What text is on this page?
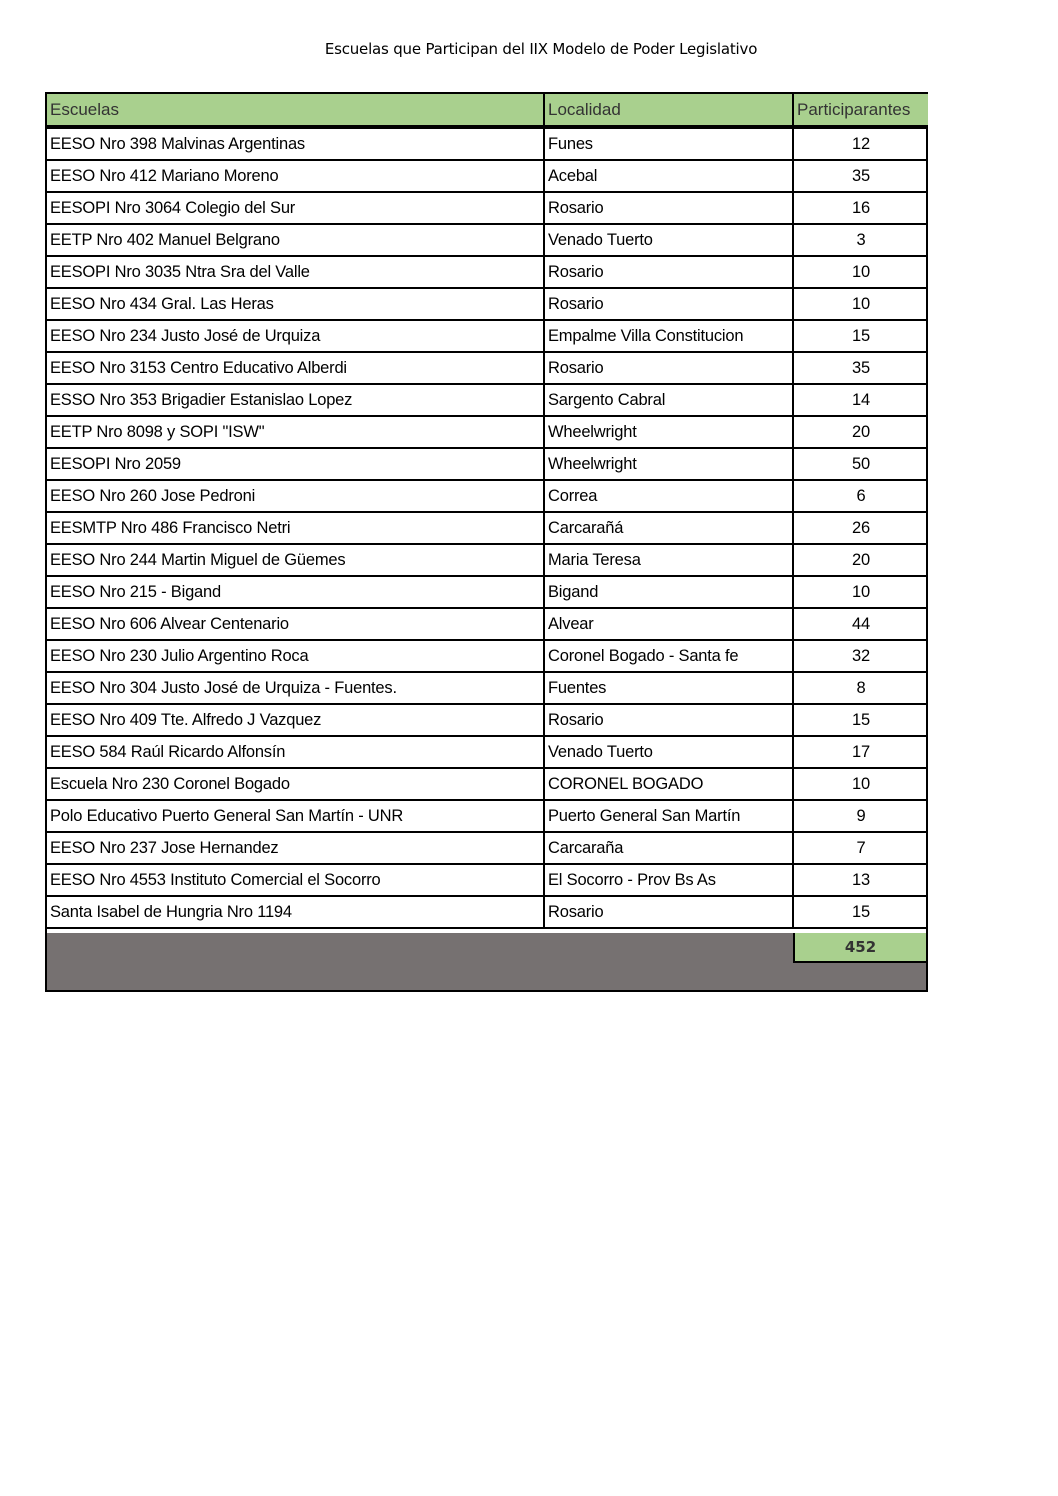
Escuelas que Participan del IIX Modelo de Poder Legislativo
Escuelas	Localidad	Participarantes
EESO Nro 398 Malvinas Argentinas	Funes	12
EESO Nro 412 Mariano Moreno	Acebal	35
EESOPI Nro 3064 Colegio del Sur	Rosario	16
EETP Nro 402 Manuel Belgrano	Venado Tuerto	3
EESOPI Nro 3035 Ntra Sra del Valle	Rosario	10
EESO Nro 434 Gral. Las Heras	Rosario	10
EESO Nro 234 Justo José de Urquiza	Empalme Villa Constitucion	15
EESO Nro 3153 Centro Educativo Alberdi	Rosario	35
ESSO Nro 353 Brigadier Estanislao Lopez	Sargento Cabral	14
EETP Nro 8098 y SOPI "ISW"	Wheelwright	20
EESOPI Nro 2059	Wheelwright	50
EESO Nro 260 Jose Pedroni	Correa	6
EESMTP Nro 486 Francisco Netri	Carcarañá	26
EESO Nro 244 Martin Miguel de Güemes	Maria Teresa	20
EESO Nro 215 - Bigand	Bigand	10
EESO Nro 606 Alvear Centenario	Alvear	44
EESO Nro 230 Julio Argentino Roca	Coronel Bogado - Santa fe	32
EESO Nro 304 Justo José de Urquiza - Fuentes.	Fuentes	8
EESO Nro 409 Tte. Alfredo J Vazquez	Rosario	15
EESO 584 Raúl Ricardo Alfonsín	Venado Tuerto	17
Escuela Nro 230 Coronel Bogado	CORONEL BOGADO	10
Polo Educativo Puerto General San Martín - UNR	Puerto General San Martín	9
EESO Nro 237 Jose Hernandez	Carcaraña	7
EESO Nro 4553 Instituto Comercial el Socorro	El Socorro - Prov Bs As	13
Santa Isabel de Hungria Nro 1194	Rosario	15
452
